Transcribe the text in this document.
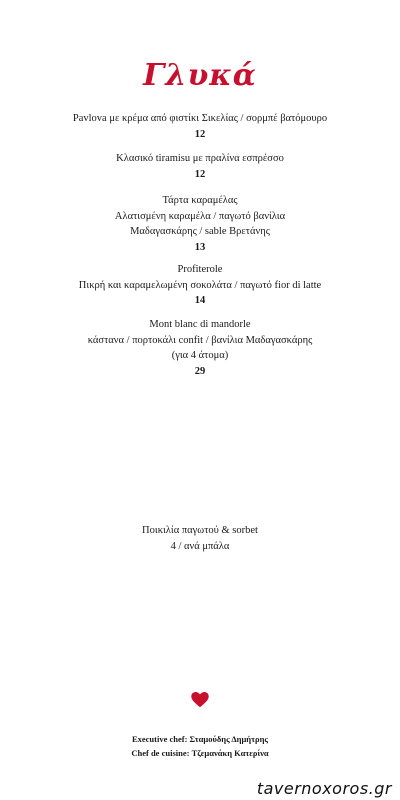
Γλυκά
Pavlova με κρέμα από φιστίκι Σικελίας / σορμπέ βατόμουρο
12
Κλασικό tiramisu με πραλίνα εσπρέσσο
12
Τάρτα καραμέλας
Αλατισμένη καραμέλα / παγωτό βανίλια
Μαδαγασκάρης / sable Βρετάνης
13
Profiterole
Πικρή και καραμελωμένη σοκολάτα / παγωτό fior di latte
14
Mont blanc di mandorle
κάστανα / πορτοκάλι confit / βανίλια Μαδαγασκάρης
(για 4 άτομα)
29
Ποικιλία παγωτού & sorbet
4 / ανά μπάλα
Executive chef: Σταμούδης Δημήτρης
Chef de cuisine: Τζεμανάκη Κατερίνα
tavernoxoros.gr
